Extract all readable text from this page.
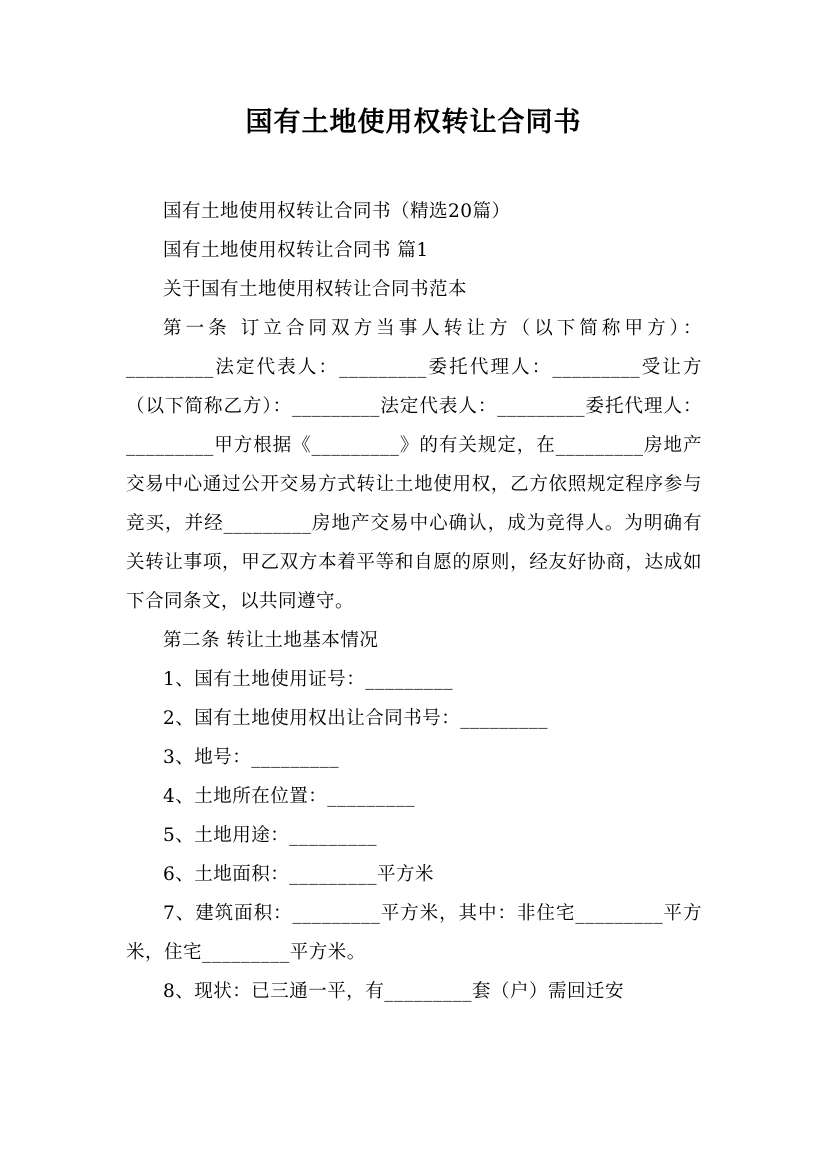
国有土地使用权转让合同书

国有土地使用权转让合同书（精选20篇）

国有土地使用权转让合同书 篇1

关于国有土地使用权转让合同书范本

第一条 订立合同双方当事人转让方（以下简称甲方）：_________法定代表人：_________委托代理人：_________受让方（以下简称乙方）：_________法定代表人：_________委托代理人：_________甲方根据《_________》的有关规定，在_________房地产交易中心通过公开交易方式转让土地使用权，乙方依照规定程序参与竞买，并经_________房地产交易中心确认，成为竞得人。为明确有关转让事项，甲乙双方本着平等和自愿的原则，经友好协商，达成如下合同条文，以共同遵守。

第二条 转让土地基本情况

1、国有土地使用证号：_________

2、国有土地使用权出让合同书号：_________

3、地号：_________

4、土地所在位置：_________

5、土地用途：_________

6、土地面积：_________平方米

7、建筑面积：_________平方米，其中：非住宅_________平方米，住宅_________平方米。

8、现状：已三通一平，有_________套（户）需回迁安
